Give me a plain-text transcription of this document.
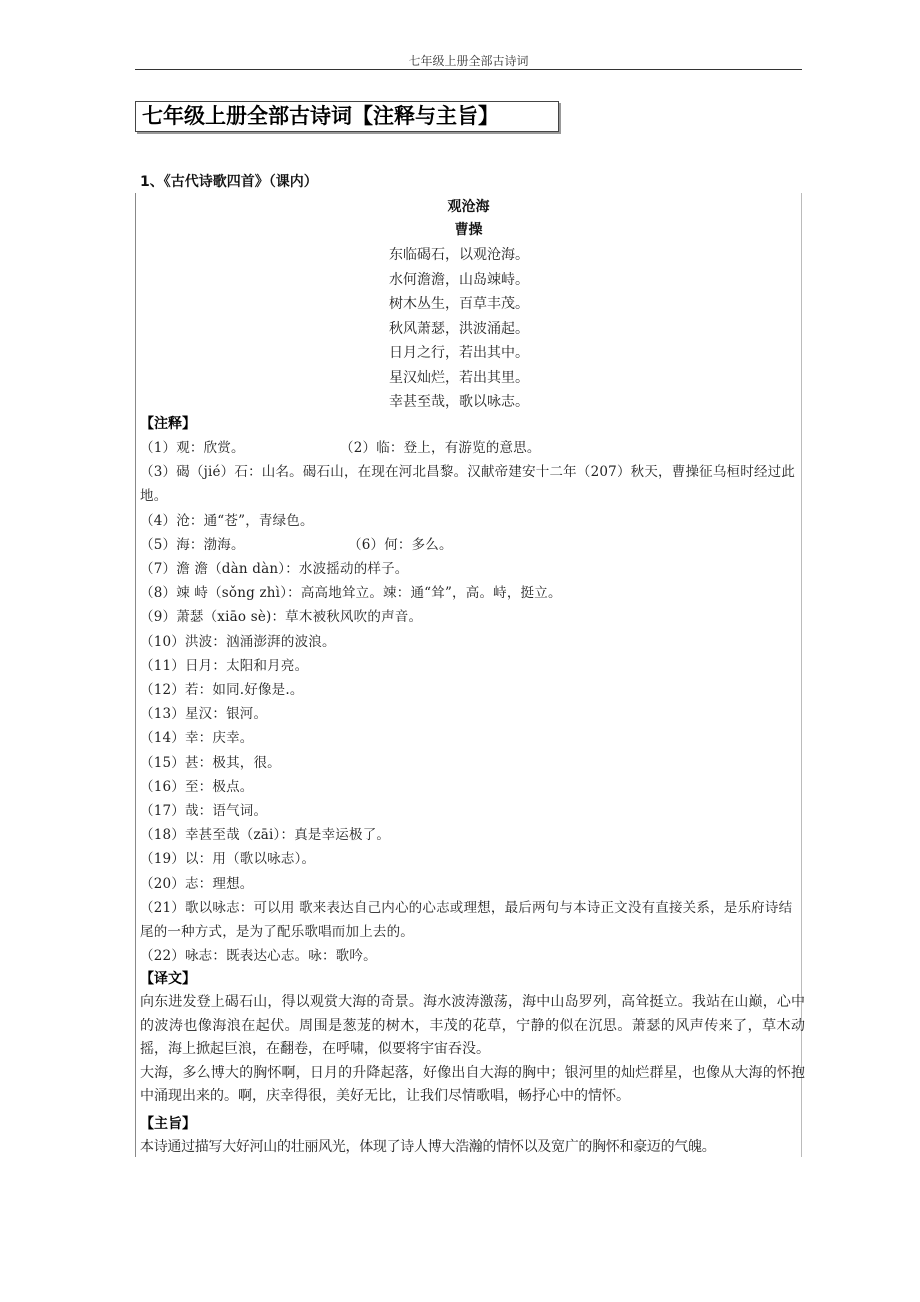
七年级上册全部古诗词
七年级上册全部古诗词【注释与主旨】
1、《古代诗歌四首》（课内）
观沧海
曹操
东临碣石，以观沧海。
水何澹澹，山岛竦峙。
树木丛生，百草丰茂。
秋风萧瑟，洪波涌起。
日月之行，若出其中。
星汉灿烂，若出其里。
幸甚至哉，歌以咏志。
【注释】
（1）观：欣赏。	（2）临：登上，有游览的意思。
（3）碣（jié）石：山名。碣石山，在现在河北昌黎。汉献帝建安十二年（207）秋天，曹操征乌桓时经过此地。
（4）沧：通“苍”，青绿色。
（5）海：渤海。	（6）何：多么。
（7）澹 澹（dàn dàn）：水波摇动的样子。
（8）竦 峙（sǒng zhì）：高高地耸立。竦：通“耸”，高。峙，挺立。
（9）萧瑟（xiāo sè)：草木被秋风吹的声音。
（10）洪波：汹涌澎湃的波浪。
（11）日月：太阳和月亮。
（12）若：如同.好像是.。
（13）星汉：银河。
（14）幸：庆幸。
（15）甚：极其，很。
（16）至：极点。
（17）哉：语气词。
（18）幸甚至哉（zāi）：真是幸运极了。
（19）以：用（歌以咏志）。
（20）志：理想。
（21）歌以咏志：可以用 歌来表达自己内心的心志或理想，最后两句与本诗正文没有直接关系，是乐府诗结尾的一种方式，是为了配乐歌唱而加上去的。
（22）咏志：既表达心志。咏：歌吟。
【译文】
向东进发登上碣石山，得以观赏大海的奇景。海水波涛激荡，海中山岛罗列，高耸挺立。我站在山巅，心中的波涛也像海浪在起伏。周围是葱茏的树木，丰茂的花草，宁静的似在沉思。萧瑟的风声传来了，草木动摇，海上掀起巨浪，在翻卷，在呼啸，似要将宇宙吞没。
大海，多么博大的胸怀啊，日月的升降起落，好像出自大海的胸中；银河里的灿烂群星，也像从大海的怀抱中涌现出来的。啊，庆幸得很，美好无比，让我们尽情歌唱，畅抒心中的情怀。
【主旨】
本诗通过描写大好河山的壮丽风光，体现了诗人博大浩瀚的情怀以及宽广的胸怀和豪迈的气魄。
